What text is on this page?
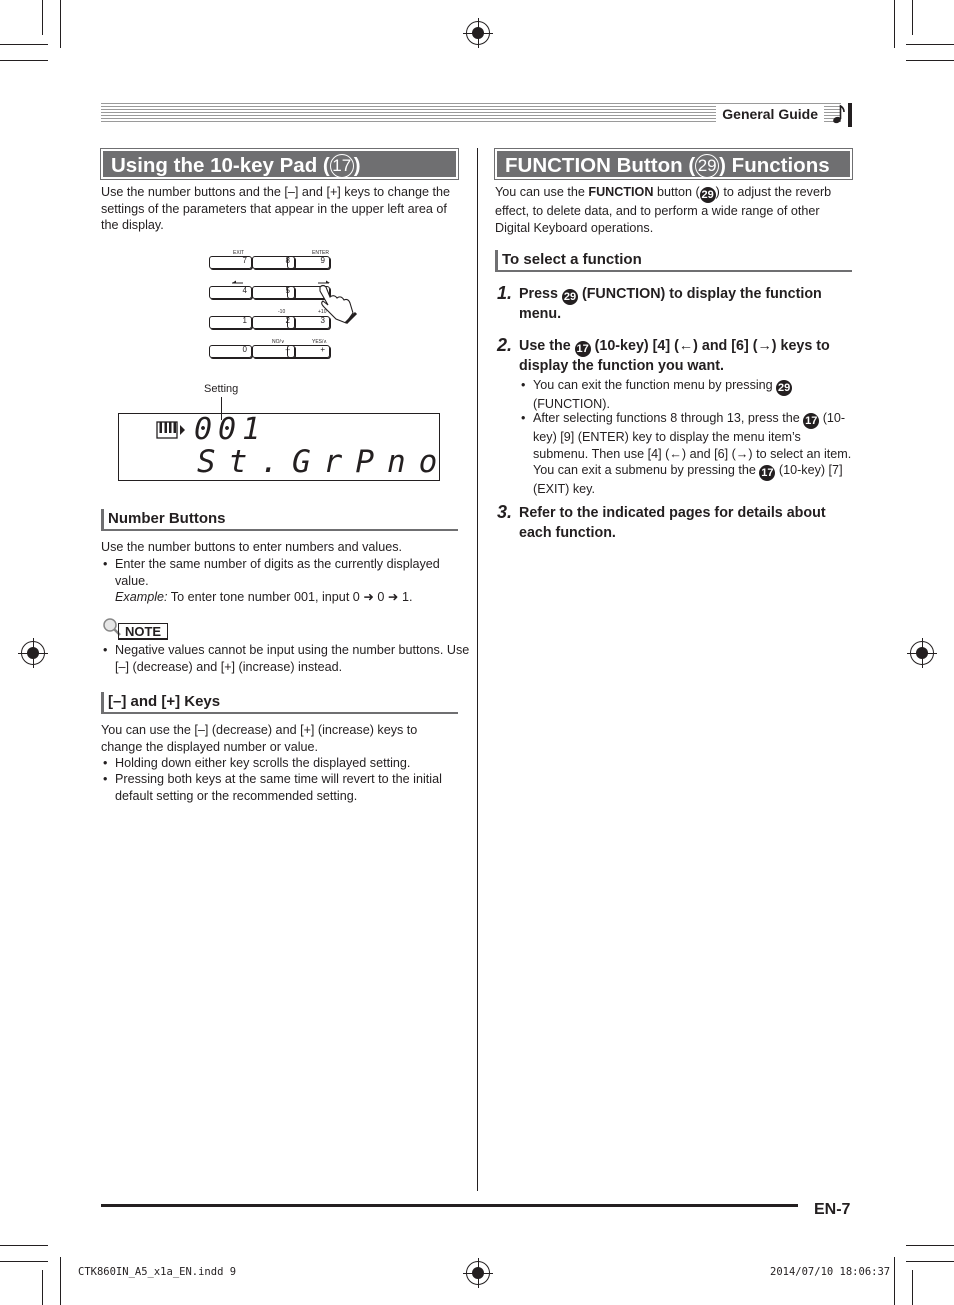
General Guide
Using the 10-key Pad ( 17 )
Use the number buttons and the [–] and [+] keys to change the settings of the parameters that appear in the upper left area of the display.
EXIT	ENTER
7	8	9
4	5
-10	+10
1	2	3
NO/∨	YES/∧
0	–	+
Setting
001
St.GrPno
Number Buttons
Use the number buttons to enter numbers and values.
• Enter the same number of digits as the currently displayed value.
Example: To enter tone number 001, input 0 ➜ 0 ➜ 1.
NOTE
• Negative values cannot be input using the number buttons. Use [–] (decrease) and [+] (increase) instead.
[–] and [+] Keys
You can use the [–] (decrease) and [+] (increase) keys to change the displayed number or value.
• Holding down either key scrolls the displayed setting.
• Pressing both keys at the same time will revert to the initial default setting or the recommended setting.
FUNCTION Button ( 29 ) Functions
You can use the FUNCTION button ( 29 ) to adjust the reverb effect, to delete data, and to perform a wide range of other Digital Keyboard operations.
To select a function
1. Press 29 (FUNCTION) to display the function menu.
2. Use the 17 (10-key) [4] (←) and [6] (→) keys to display the function you want.
• You can exit the function menu by pressing 29 (FUNCTION).
• After selecting functions 8 through 13, press the 17 (10-key) [9] (ENTER) key to display the menu item’s submenu. Then use [4] (←) and [6] (→) to select an item. You can exit a submenu by pressing the 17 (10-key) [7] (EXIT) key.
3. Refer to the indicated pages for details about each function.
EN-7
CTK860IN_A5_x1a_EN.indd 9	2014/07/10 18:06:37
